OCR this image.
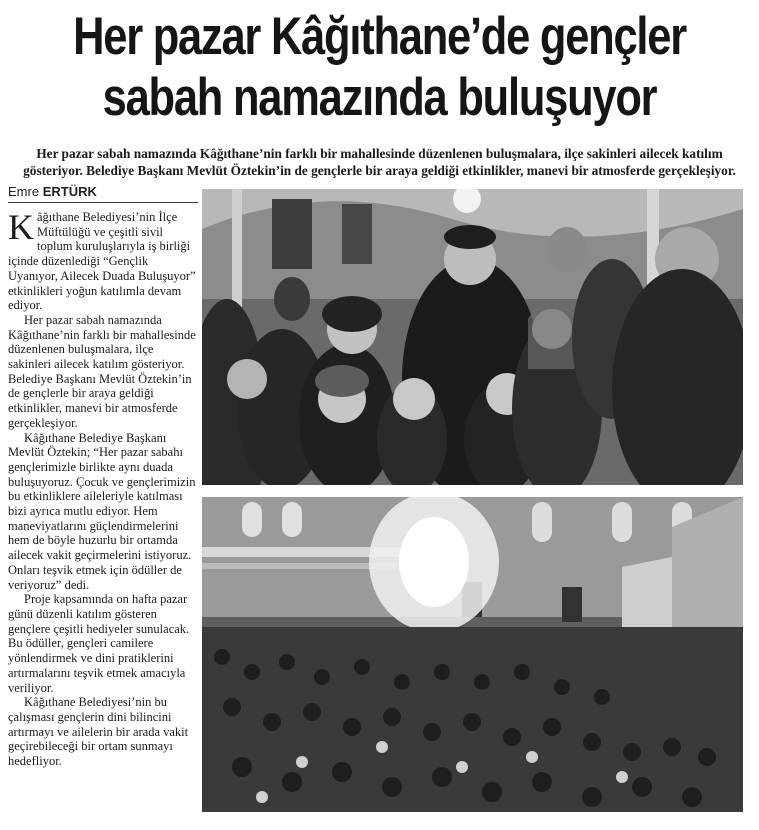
Her pazar Kâğıthane’de gençler
sabah namazında buluşuyor
Her pazar sabah namazında Kâğıthane’nin farklı bir mahallesinde düzenlenen buluşmalara, ilçe sakinleri ailecek katılım gösteriyor. Belediye Başkanı Mevlüt Öztekin’in de gençlerle bir araya geldiği etkinlikler, manevi bir atmosferde gerçekleşiyor.
Emre ERTÜRK

Kâğıthane Belediyesi’nin İlçe Müftülüğü ve çeşitli sivil toplum kuruluşlarıyla iş birliği içinde düzenlediği “Gençlik Uyanıyor, Ailecek Duada Buluşuyor” etkinlikleri yoğun katılımla devam ediyor.

Her pazar sabah namazında Kâğıthane’nin farklı bir mahallesinde düzenlenen buluşmalara, ilçe sakinleri ailecek katılım gösteriyor. Belediye Başkanı Mevlüt Öztekin’in de gençlerle bir araya geldiği etkinlikler, manevi bir atmosferde gerçekleşiyor.

Kâğıthane Belediye Başkanı Mevlüt Öztekin; “Her pazar sabahı gençlerimizle birlikte aynı duada buluşuyoruz. Çocuk ve gençlerimizin bu etkinliklere aileleriyle katılması bizi ayrıca mutlu ediyor. Hem maneviyatlarını güçlendirmelerini hem de böyle huzurlu bir ortamda ailecek vakit geçirmelerini istiyoruz. Onları teşvik etmek için ödüller de veriyoruz” dedi.

Proje kapsamında on hafta pazar günü düzenli katılım gösteren gençlere çeşitli hediyeler sunulacak. Bu ödüller, gençleri camilere yönlendirmek ve dini pratiklerini artırmalarını teşvik etmek amacıyla veriliyor.

Kâğıthane Belediyesi’nin bu çalışması gençlerin dini bilincini artırmayı ve ailelerin bir arada vakit geçirebileceği bir ortam sunmayı hedefliyor.
